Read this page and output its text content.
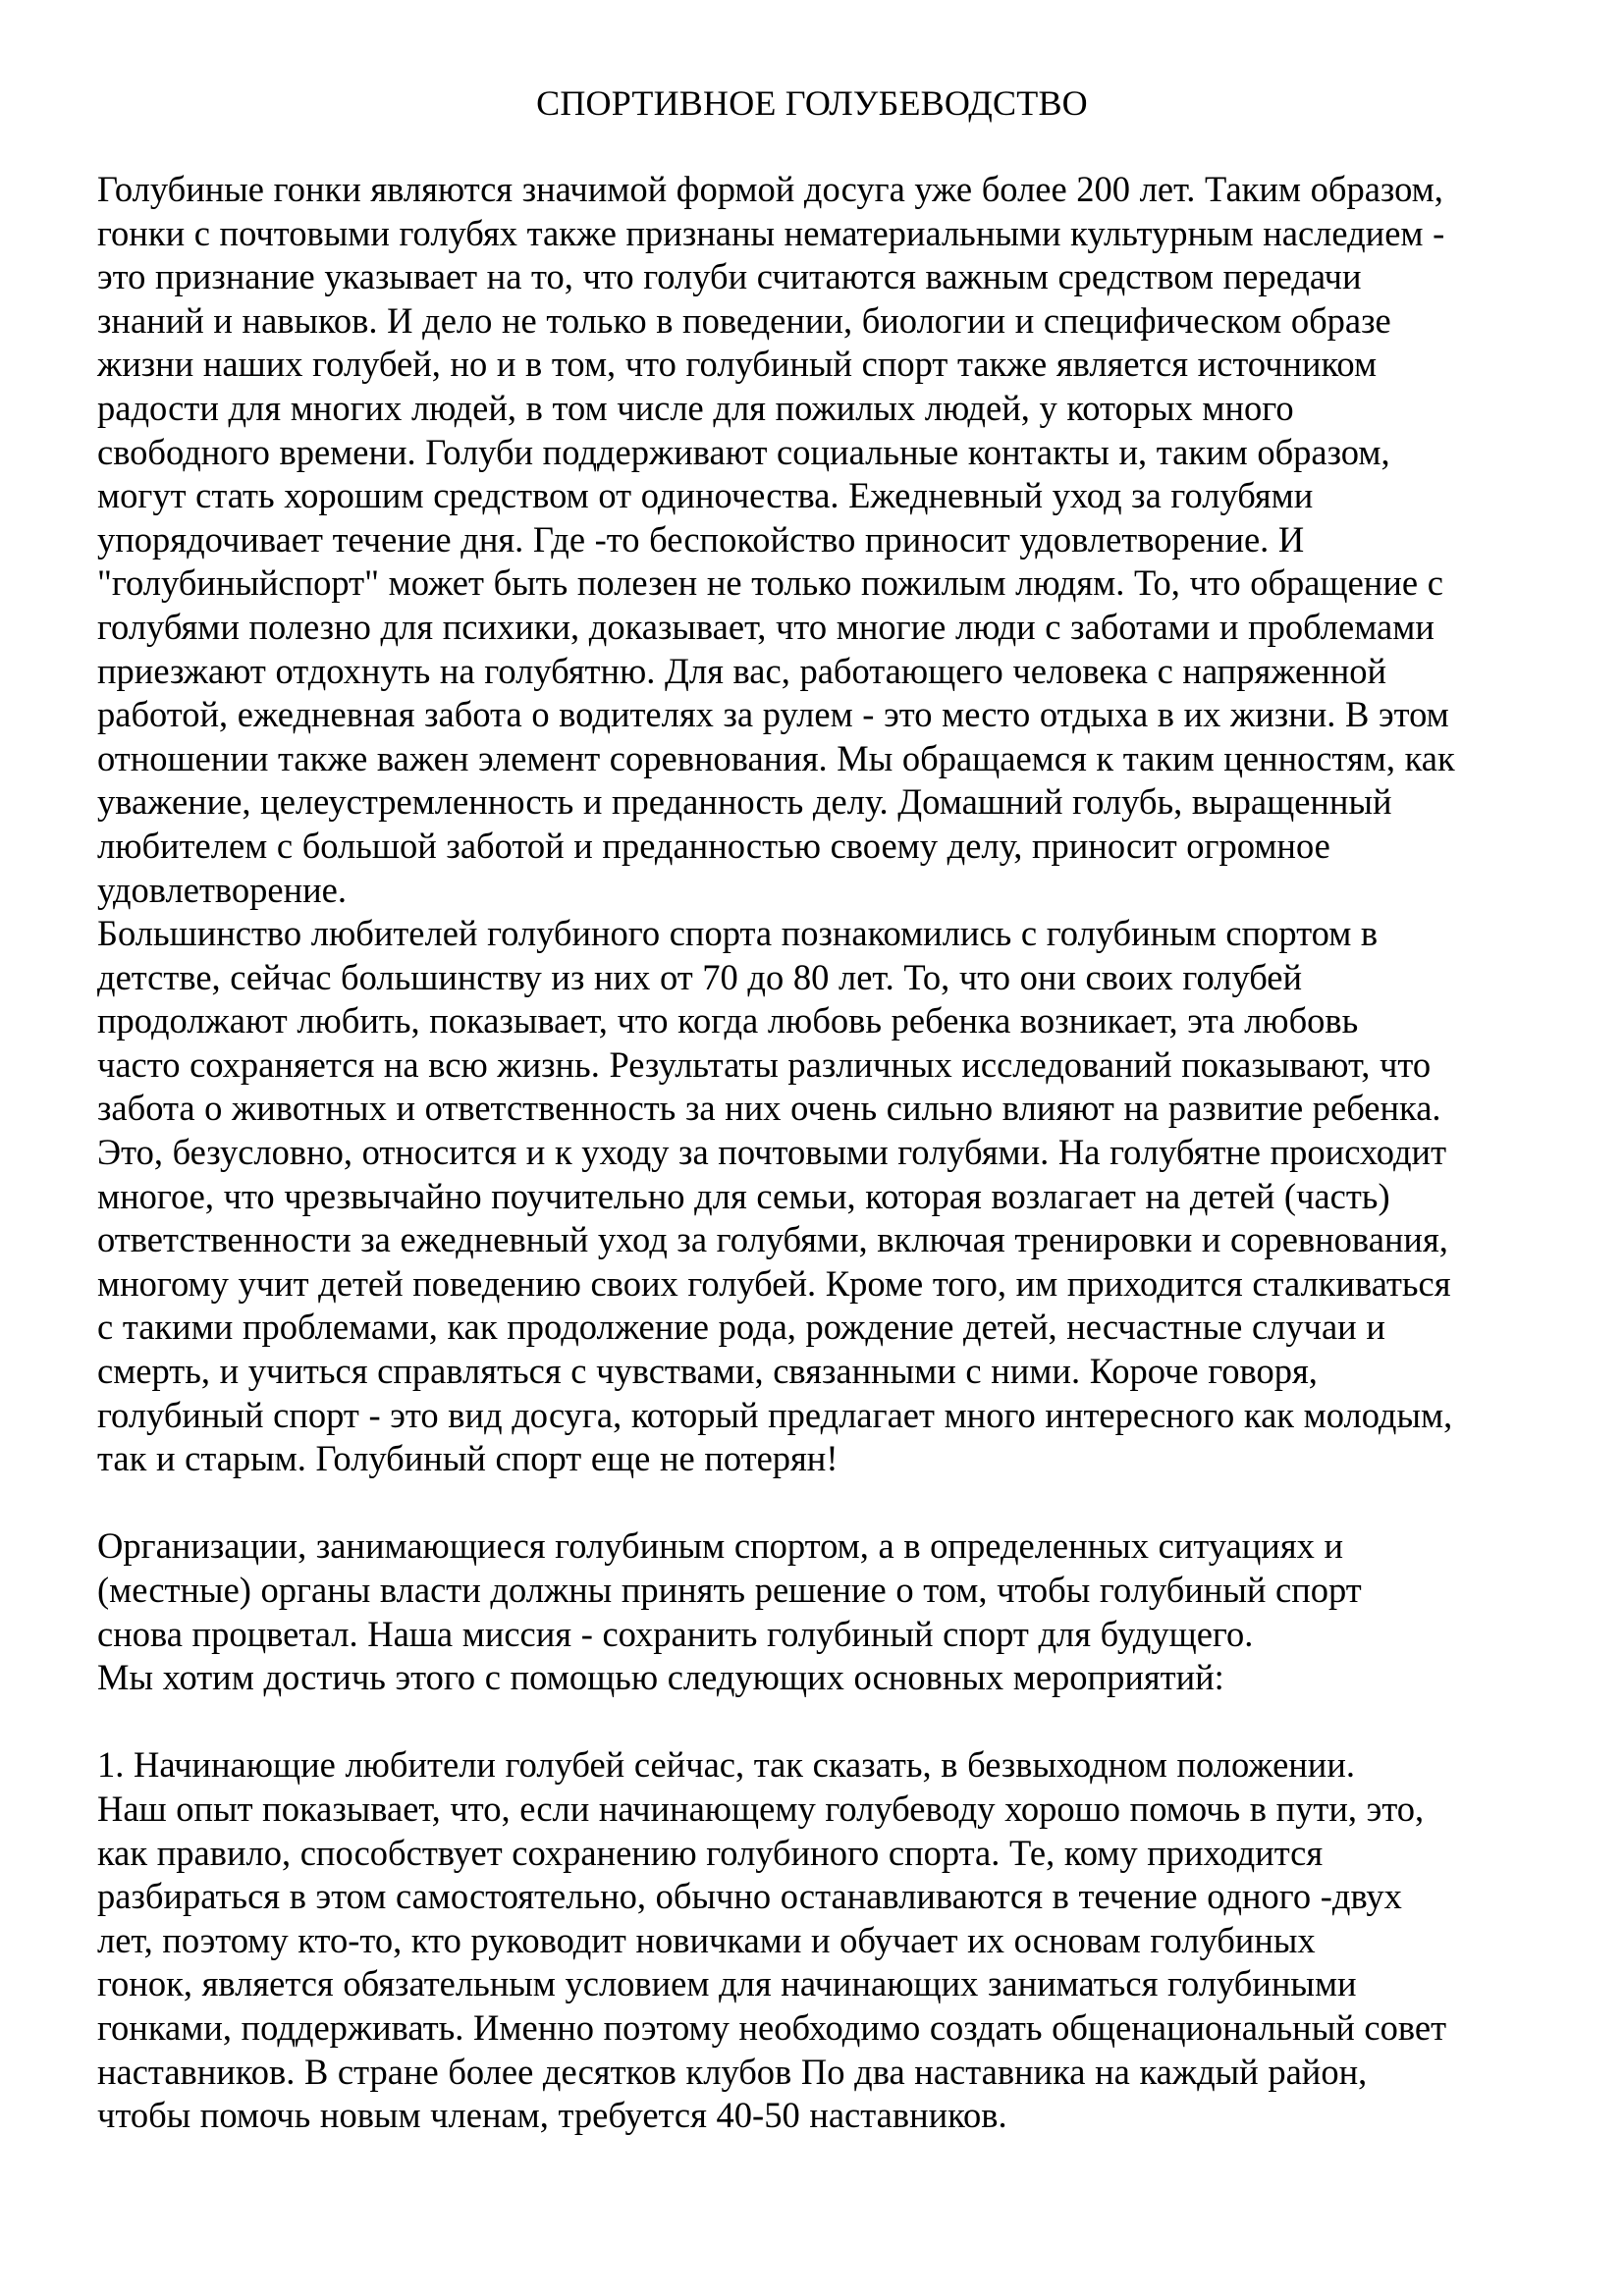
СПОРТИВНОЕ ГОЛУБЕВОДСТВО
Голубиные гонки являются значимой формой досуга уже более 200 лет. Таким образом,
гонки с почтовыми голубях также признаны нематериальными культурным наследием -
это признание указывает на то, что голуби считаются важным средством передачи
знаний и навыков. И дело не только в поведении, биологии и специфическом образе
жизни наших голубей, но и в том, что голубиный спорт также является источником
радости для многих людей, в том числе для пожилых людей, у которых много
свободного времени. Голуби поддерживают социальные контакты и, таким образом,
могут стать хорошим средством от одиночества. Ежедневный уход за голубями
упорядочивает течение дня. Где -то беспокойство приносит удовлетворение. И
"голубиныйспорт" может быть полезен не только пожилым людям. То, что обращение с
голубями полезно для психики, доказывает, что многие люди с заботами и проблемами
приезжают отдохнуть на голубятню. Для вас, работающего человека с напряженной
работой, ежедневная забота о водителях за рулем - это место отдыха в их жизни. В этом
отношении также важен элемент соревнования. Мы обращаемся к таким ценностям, как
уважение, целеустремленность и преданность делу. Домашний голубь, выращенный
любителем с большой заботой и преданностью своему делу, приносит огромное
удовлетворение.
Большинство любителей голубиного спорта познакомились с голубиным спортом в
детстве, сейчас большинству из них от 70 до 80 лет. То, что они своих голубей
продолжают любить, показывает, что когда любовь ребенка возникает, эта любовь
часто сохраняется на всю жизнь. Результаты различных исследований показывают, что
забота о животных и ответственность за них очень сильно влияют на развитие ребенка.
Это, безусловно, относится и к уходу за почтовыми голубями. На голубятне происходит
многое, что чрезвычайно поучительно для семьи, которая возлагает на детей (часть)
ответственности за ежедневный уход за голубями, включая тренировки и соревнования,
многому учит детей поведению своих голубей. Кроме того, им приходится сталкиваться
с такими проблемами, как продолжение рода, рождение детей, несчастные случаи и
смерть, и учиться справляться с чувствами, связанными с ними. Короче говоря,
голубиный спорт - это вид досуга, который предлагает много интересного как молодым,
так и старым. Голубиный спорт еще не потерян!
Организации, занимающиеся голубиным спортом, а в определенных ситуациях и
(местные) органы власти должны принять решение о том, чтобы голубиный спорт
снова процветал. Наша миссия - сохранить голубиный спорт для будущего.
Мы хотим достичь этого с помощью следующих основных мероприятий:
1. Начинающие любители голубей сейчас, так сказать, в безвыходном положении.
Наш опыт показывает, что, если начинающему голубеводу хорошо помочь в пути, это,
как правило, способствует сохранению голубиного спорта. Те, кому приходится
разбираться в этом самостоятельно, обычно останавливаются в течение одного -двух
лет, поэтому кто-то, кто руководит новичками и обучает их основам голубиных
гонок, является обязательным условием для начинающих заниматься голубиными
гонками, поддерживать. Именно поэтому необходимо создать общенациональный совет
наставников. В стране более десятков клубов По два наставника на каждый район,
чтобы помочь новым членам, требуется 40-50 наставников.
